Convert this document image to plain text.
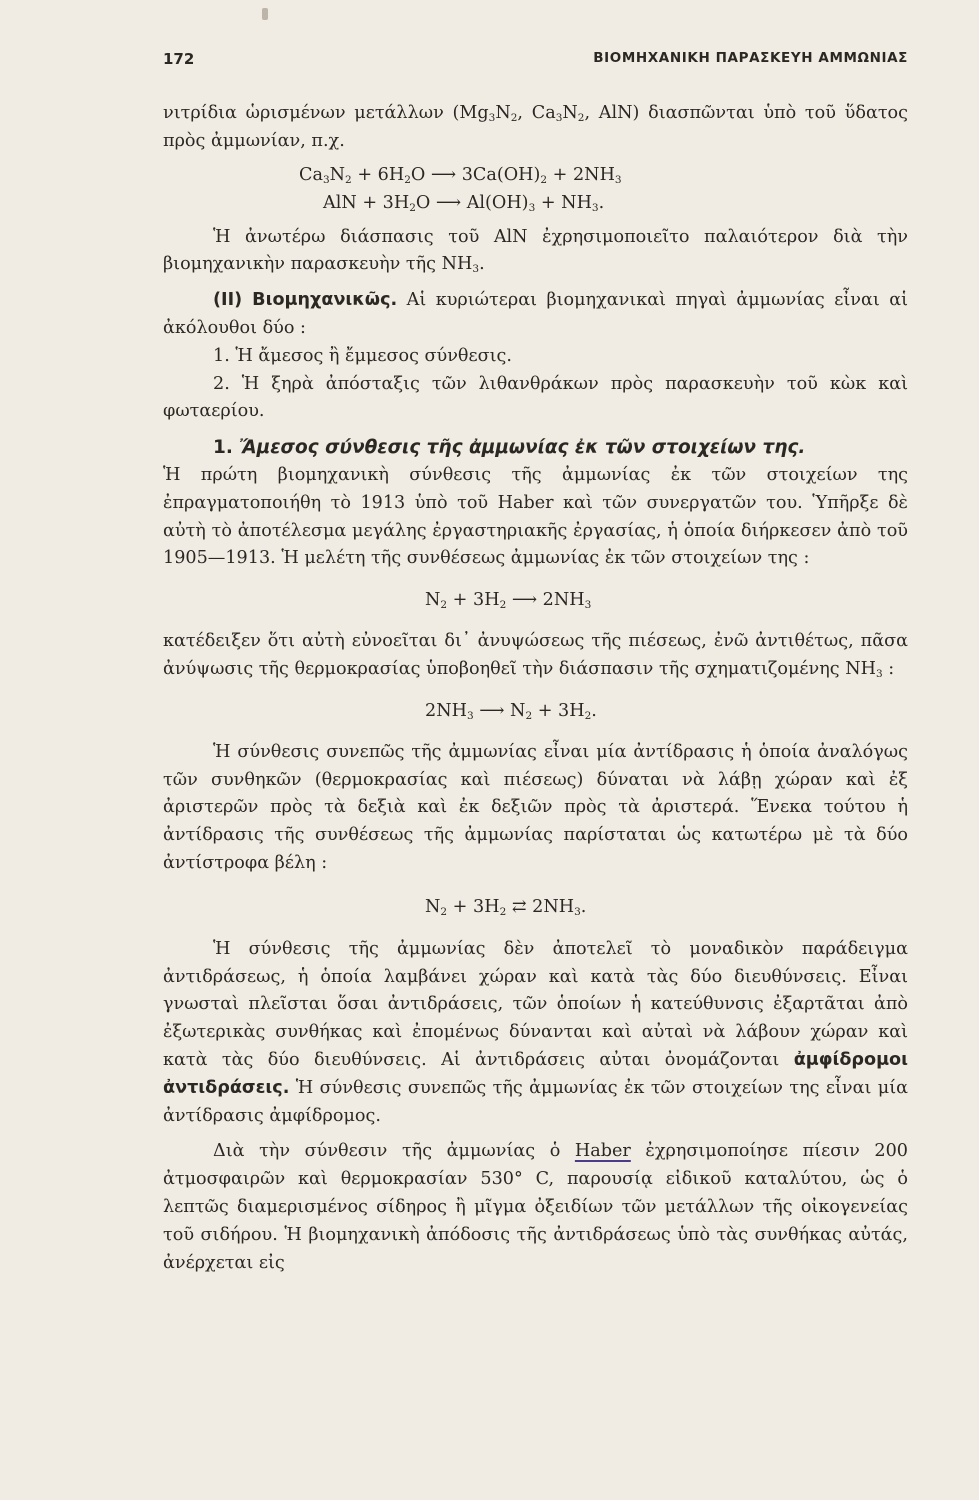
172	ΒΙΟΜΗΧΑΝΙΚΗ ΠΑΡΑΣΚΕΥΗ ΑΜΜΩΝΙΑΣ

νιτρίδια ὡρισμένων μετάλλων ($Mg_3N_2$, $Ca_3N_2$, AlN) διασπῶνται ὑπὸ τοῦ ὕδατος πρὸς ἀμμωνίαν, π.χ.

$Ca_3N_2 + 6H_2O$ ⟶ $3Ca(OH)_2 + 2NH_3$
AlN + $3H_2O$ ⟶ $Al(OH)_3 + NH_3$.

Ἡ ἀνωτέρω διάσπασις τοῦ AlN ἐχρησιμοποιεῖτο παλαιότερον διὰ τὴν βιομηχανικὴν παρασκευὴν τῆς $NH_3$.

(II) Βιομηχανικῶς. Αἱ κυριώτεραι βιομηχανικαὶ πηγαὶ ἀμμωνίας εἶναι αἱ ἀκόλουθοι δύο :

1. Ἡ ἄμεσος ἢ ἔμμεσος σύνθεσις.

2. Ἡ ξηρὰ ἀπόσταξις τῶν λιθανθράκων πρὸς παρασκευὴν τοῦ κὼκ καὶ φωταερίου.

1. Ἄμεσος σύνθεσις τῆς ἀμμωνίας ἐκ τῶν στοιχείων της.

Ἡ πρώτη βιομηχανικὴ σύνθεσις τῆς ἀμμωνίας ἐκ τῶν στοιχείων της ἐπραγματοποιήθη τὸ 1913 ὑπὸ τοῦ Haber καὶ τῶν συνεργατῶν του. Ὑπῆρξε δὲ αὐτὴ τὸ ἀποτέλεσμα μεγάλης ἐργαστηριακῆς ἐργασίας, ἡ ὁποία διήρκεσεν ἀπὸ τοῦ 1905—1913. Ἡ μελέτη τῆς συνθέσεως ἀμμωνίας ἐκ τῶν στοιχείων της :

$N_2 + 3H_2$ ⟶ $2NH_3$

κατέδειξεν ὅτι αὐτὴ εὐνοεῖται δι᾽ ἀνυψώσεως τῆς πιέσεως, ἐνῶ ἀντιθέτως, πᾶσα ἀνύψωσις τῆς θερμοκρασίας ὑποβοηθεῖ τὴν διάσπασιν τῆς σχηματιζομένης $NH_3$ :

$2NH_3$ ⟶ $N_2 + 3H_2$.

Ἡ σύνθεσις συνεπῶς τῆς ἀμμωνίας εἶναι μία ἀντίδρασις ἡ ὁποία ἀναλόγως τῶν συνθηκῶν (θερμοκρασίας καὶ πιέσεως) δύναται νὰ λάβῃ χώραν καὶ ἐξ ἀριστερῶν πρὸς τὰ δεξιὰ καὶ ἐκ δεξιῶν πρὸς τὰ ἀριστερά. Ἕνεκα τούτου ἡ ἀντίδρασις τῆς συνθέσεως τῆς ἀμμωνίας παρίσταται ὡς κατωτέρω μὲ τὰ δύο ἀντίστροφα βέλη :

$N_2 + 3H_2$ ⇄ $2NH_3$.

Ἡ σύνθεσις τῆς ἀμμωνίας δὲν ἀποτελεῖ τὸ μοναδικὸν παράδειγμα ἀντιδράσεως, ἡ ὁποία λαμβάνει χώραν καὶ κατὰ τὰς δύο διευθύνσεις. Εἶναι γνωσταὶ πλεῖσται ὅσαι ἀντιδράσεις, τῶν ὁποίων ἡ κατεύθυνσις ἐξαρτᾶται ἀπὸ ἐξωτερικὰς συνθήκας καὶ ἐπομένως δύνανται καὶ αὐταὶ νὰ λάβουν χώραν καὶ κατὰ τὰς δύο διευθύνσεις. Αἱ ἀντιδράσεις αὐται ὀνομάζονται ἀμφίδρομοι ἀντιδράσεις. Ἡ σύνθεσις συνεπῶς τῆς ἀμμωνίας ἐκ τῶν στοιχείων της εἶναι μία ἀντίδρασις ἀμφίδρομος.

Διὰ τὴν σύνθεσιν τῆς ἀμμωνίας ὁ Haber ἐχρησιμοποίησε πίεσιν 200 ἀτμοσφαιρῶν καὶ θερμοκρασίαν 530° C, παρουσίᾳ εἰδικοῦ καταλύτου, ὡς ὁ λεπτῶς διαμερισμένος σίδηρος ἢ μῖγμα ὀξειδίων τῶν μετάλλων τῆς οἰκογενείας τοῦ σιδήρου. Ἡ βιομηχανικὴ ἀπόδοσις τῆς ἀντιδράσεως ὑπὸ τὰς συνθήκας αὐτάς, ἀνέρχεται εἰς
